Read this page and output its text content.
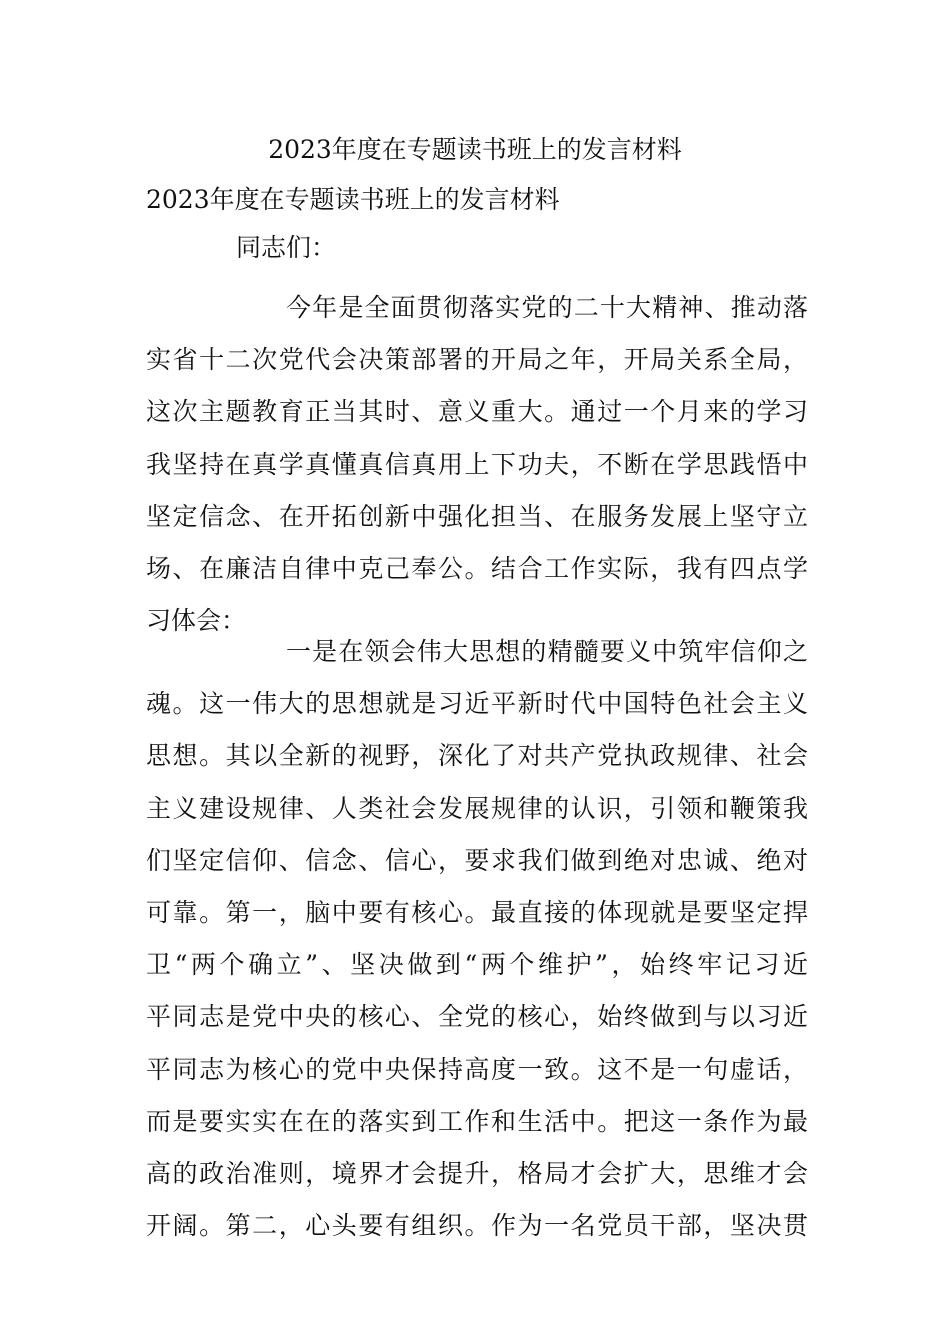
2023年度在专题读书班上的发言材料
2023年度在专题读书班上的发言材料
同志们：
今年是全面贯彻落实党的二十大精神、推动落
实省十二次党代会决策部署的开局之年，开局关系全局，
这次主题教育正当其时、意义重大。通过一个月来的学习
我坚持在真学真懂真信真用上下功夫，不断在学思践悟中
坚定信念、在开拓创新中强化担当、在服务发展上坚守立
场、在廉洁自律中克己奉公。结合工作实际，我有四点学
习体会：
一是在领会伟大思想的精髓要义中筑牢信仰之
魂。这一伟大的思想就是习近平新时代中国特色社会主义
思想。其以全新的视野，深化了对共产党执政规律、社会
主义建设规律、人类社会发展规律的认识，引领和鞭策我
们坚定信仰、信念、信心，要求我们做到绝对忠诚、绝对
可靠。第一，脑中要有核心。最直接的体现就是要坚定捍
卫“两个确立”、坚决做到“两个维护”，始终牢记习近
平同志是党中央的核心、全党的核心，始终做到与以习近
平同志为核心的党中央保持高度一致。这不是一句虚话，
而是要实实在在的落实到工作和生活中。把这一条作为最
高的政治准则，境界才会提升，格局才会扩大，思维才会
开阔。第二，心头要有组织。作为一名党员干部，坚决贯
